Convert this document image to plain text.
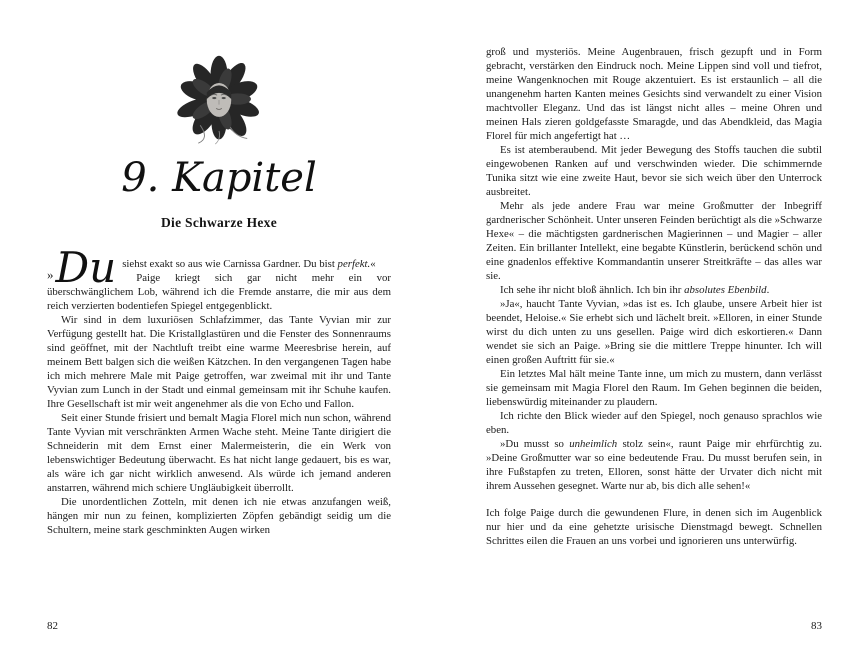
9. Kapitel
Die Schwarze Hexe

» Du siehst exakt so aus wie Carnissa Gardner. Du bist perfekt.«

Paige kriegt sich gar nicht mehr ein vor überschwänglichem Lob, während ich die Fremde anstarre, die mir aus dem reich verzierten bodentiefen Spiegel entgegenblickt.

Wir sind in dem luxuriösen Schlafzimmer, das Tante Vyvian mir zur Verfügung gestellt hat. Die Kristallglastüren und die Fenster des Sonnenraums sind geöffnet, mit der Nachtluft treibt eine warme Meeresbrise herein, auf meinem Bett balgen sich die weißen Kätzchen. In den vergangenen Tagen habe ich mich mehrere Male mit Paige getroffen, war zweimal mit ihr und Tante Vyvian zum Lunch in der Stadt und einmal gemeinsam mit ihr Schuhe kaufen. Ihre Gesellschaft ist mir weit angenehmer als die von Echo und Fallon.

Seit einer Stunde frisiert und bemalt Magia Florel mich nun schon, während Tante Vyvian mit verschränkten Armen Wache steht. Meine Tante dirigiert die Schneiderin mit dem Ernst einer Malermeisterin, die ein Werk von lebenswichtiger Bedeutung überwacht. Es hat nicht lange gedauert, bis es war, als wäre ich gar nicht wirklich anwesend. Als würde ich jemand anderen anstarren, während mich schiere Ungläubigkeit überrollt.

Die unordentlichen Zotteln, mit denen ich nie etwas anzufangen weiß, hängen mir nun zu feinen, komplizierten Zöpfen gebändigt seidig um die Schultern, meine stark geschminkten Augen wirken

82

groß und mysteriös. Meine Augenbrauen, frisch gezupft und in Form gebracht, verstärken den Eindruck noch. Meine Lippen sind voll und tiefrot, meine Wangenknochen mit Rouge akzentuiert. Es ist erstaunlich – all die unangenehm harten Kanten meines Gesichts sind verwandelt zu einer Vision machtvoller Eleganz. Und das ist längst nicht alles – meine Ohren und meinen Hals zieren goldgefasste Smaragde, und das Abendkleid, das Magia Florel für mich angefertigt hat …

Es ist atemberaubend. Mit jeder Bewegung des Stoffs tauchen die subtil eingewobenen Ranken auf und verschwinden wieder. Die schimmernde Tunika sitzt wie eine zweite Haut, bevor sie sich weich über den Unterrock ausbreitet.

Mehr als jede andere Frau war meine Großmutter der Inbegriff gardnerischer Schönheit. Unter unseren Feinden berüchtigt als die »Schwarze Hexe« – die mächtigsten gardnerischen Magierinnen – und Magier – aller Zeiten. Ein brillanter Intellekt, eine begabte Künstlerin, berückend schön und eine gnadenlos effektive Kommandantin unserer Streitkräfte – das alles war sie.

Ich sehe ihr nicht bloß ähnlich. Ich bin ihr absolutes Ebenbild.

»Ja«, haucht Tante Vyvian, »das ist es. Ich glaube, unsere Arbeit hier ist beendet, Heloise.« Sie erhebt sich und lächelt breit. »Elloren, in einer Stunde wirst du dich unten zu uns gesellen. Paige wird dich eskortieren.« Dann wendet sie sich an Paige. »Bring sie die mittlere Treppe hinunter. Ich will einen großen Auftritt für sie.«

Ein letztes Mal hält meine Tante inne, um mich zu mustern, dann verlässt sie gemeinsam mit Magia Florel den Raum. Im Gehen beginnen die beiden, liebenswürdig miteinander zu plaudern.

Ich richte den Blick wieder auf den Spiegel, noch genauso sprachlos wie eben.

»Du musst so unheimlich stolz sein«, raunt Paige mir ehrfürchtig zu. »Deine Großmutter war so eine bedeutende Frau. Du musst berufen sein, in ihre Fußstapfen zu treten, Elloren, sonst hätte der Urvater dich nicht mit ihrem Aussehen gesegnet. Warte nur ab, bis dich alle sehen!«

Ich folge Paige durch die gewundenen Flure, in denen sich im Augenblick nur hier und da eine gehetzte urisische Dienstmagd bewegt. Schnellen Schrittes eilen die Frauen an uns vorbei und ignorieren uns unterwürfig.

83
